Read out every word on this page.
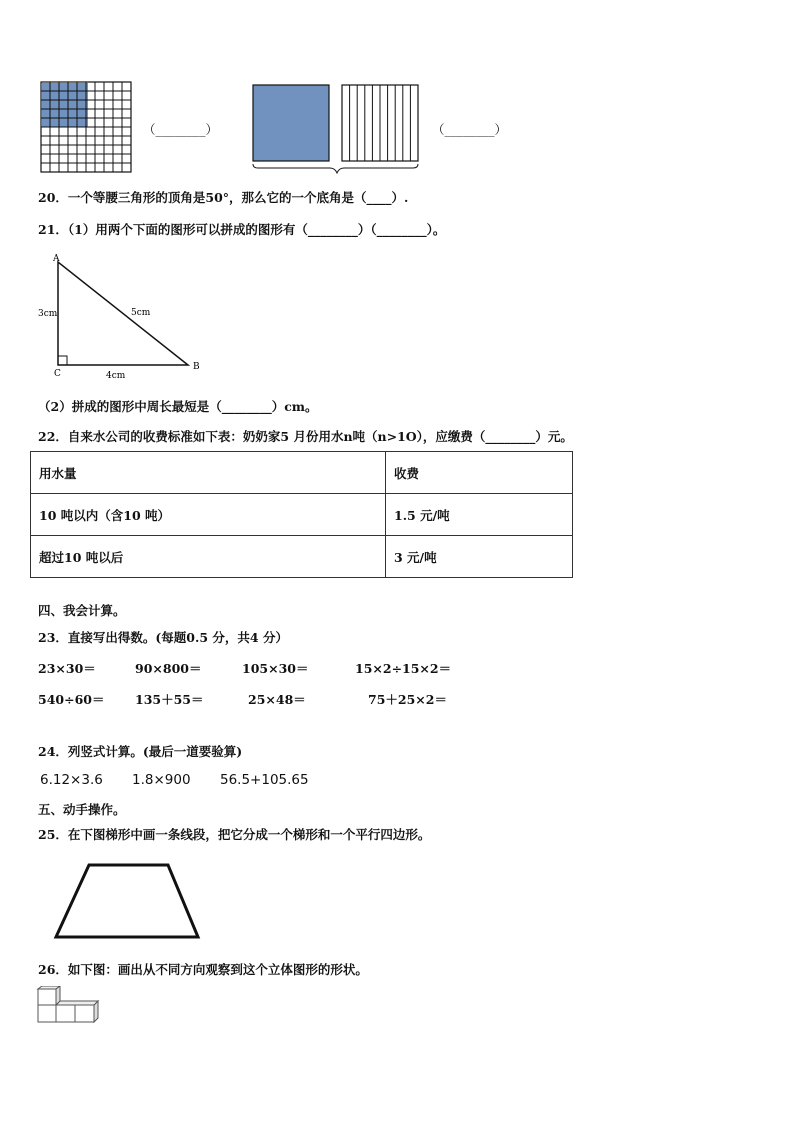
（________）	（________）
20．一个等腰三角形的顶角是50°，那么它的一个底角是（____）.
21．（1）用两个下面的图形可以拼成的图形有（________）（________）。
A
C
B
3cm	5cm
4cm
（2）拼成的图形中周长最短是（________）cm。
22．自来水公司的收费标准如下表：奶奶家5 月份用水n吨（n>1O），应缴费（________）元。
用水量	收费
10 吨以内（含10 吨）	1.5 元/吨
超过10 吨以后	3 元/吨
四、我会计算。
23．直接写出得数。(每题0.5 分，共4 分）
23×30＝	90×800＝	105×30＝	15×2÷15×2＝
540÷60＝ 135＋55＝	25×48＝	75＋25×2＝
24．列竖式计算。(最后一道要验算)
6.12×3.6 1.8×900 56.5+105.65
五、动手操作。
25．在下图梯形中画一条线段，把它分成一个梯形和一个平行四边形。
26．如下图：画出从不同方向观察到这个立体图形的形状。
